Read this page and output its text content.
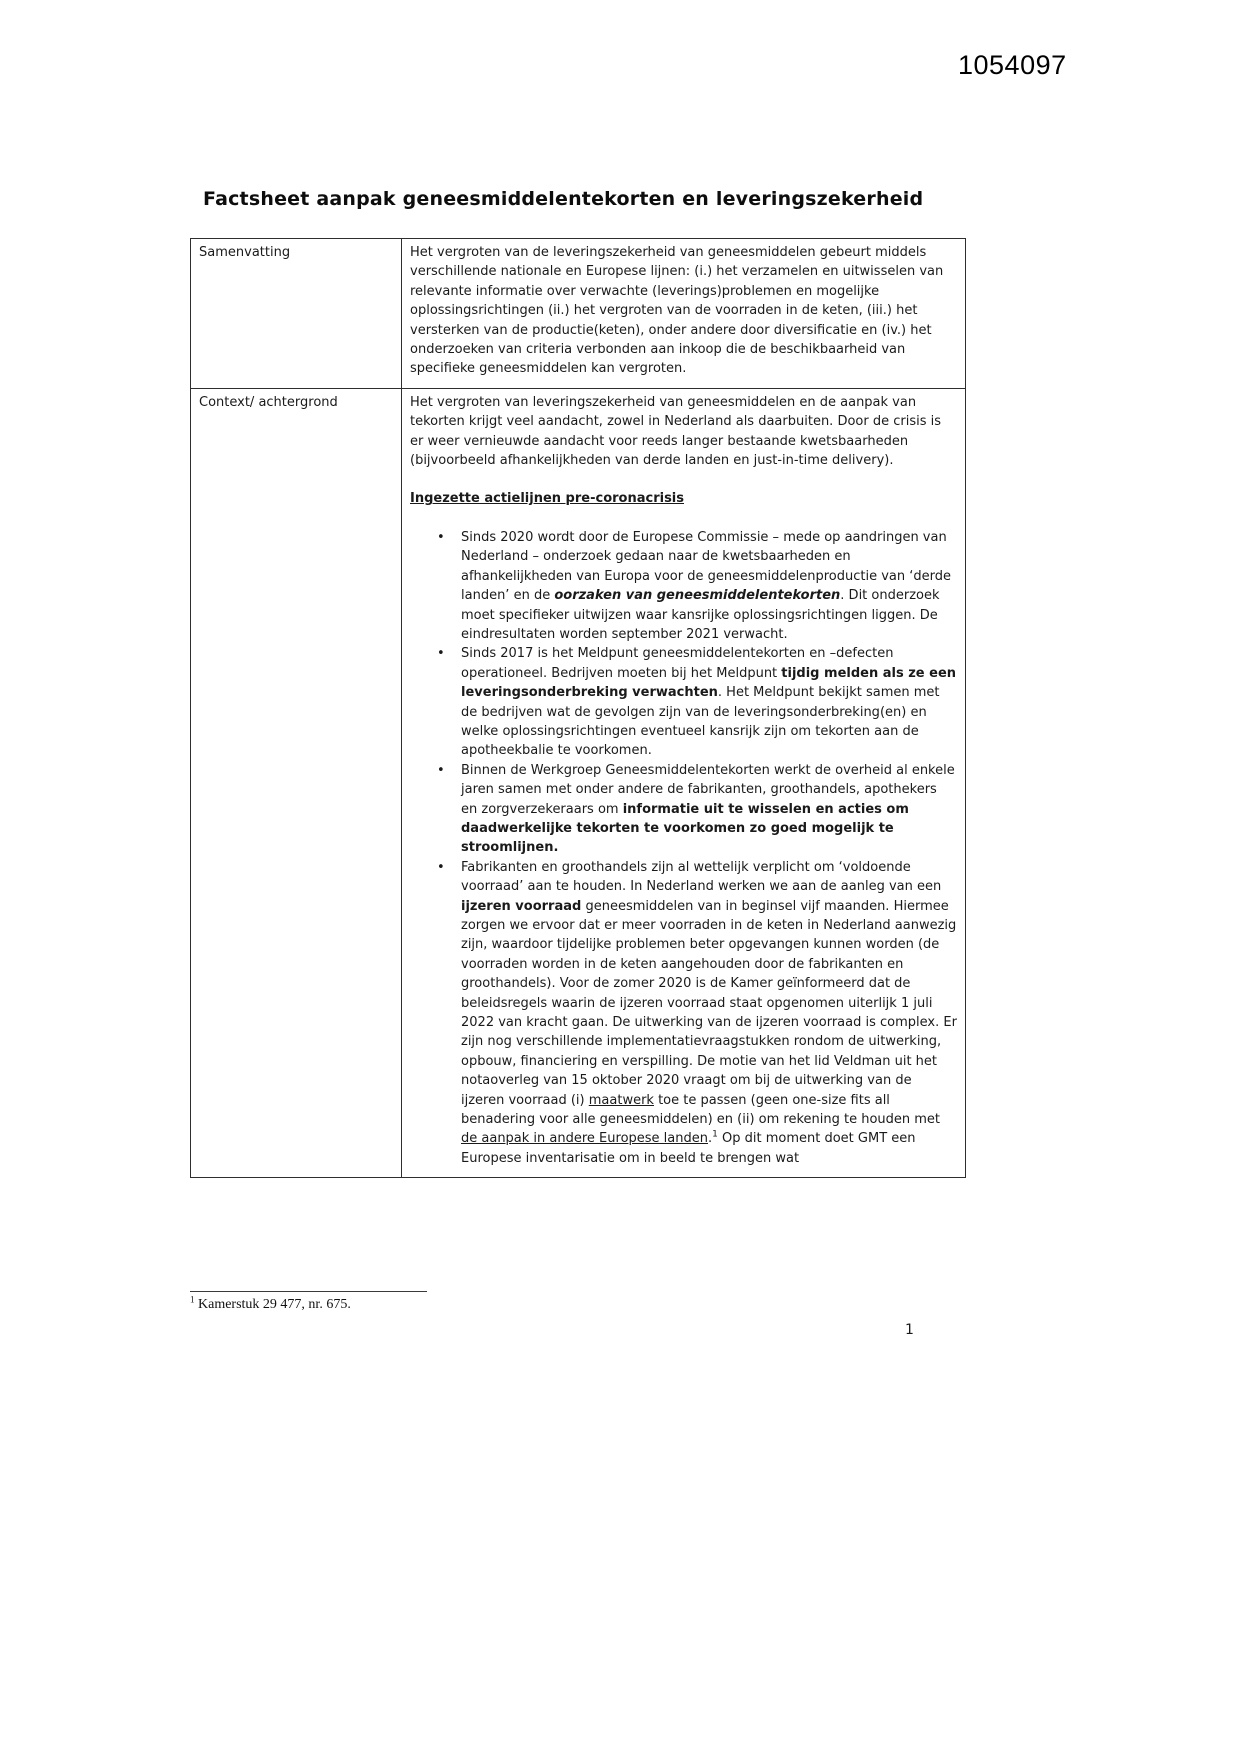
1054097
Factsheet aanpak geneesmiddelentekorten en leveringszekerheid
Samenvatting	Het vergroten van de leveringszekerheid van geneesmiddelen gebeurt middels verschillende nationale en Europese lijnen: (i.) het verzamelen en uitwisselen van relevante informatie over verwachte (leverings)problemen en mogelijke oplossingsrichtingen (ii.) het vergroten van de voorraden in de keten, (iii.) het versterken van de productie(keten), onder andere door diversificatie en (iv.) het onderzoeken van criteria verbonden aan inkoop die de beschikbaarheid van specifieke geneesmiddelen kan vergroten.

Context/ achtergrond	Het vergroten van leveringszekerheid van geneesmiddelen en de aanpak van tekorten krijgt veel aandacht, zowel in Nederland als daarbuiten. Door de crisis is er weer vernieuwde aandacht voor reeds langer bestaande kwetsbaarheden (bijvoorbeeld afhankelijkheden van derde landen en just-in-time delivery).

Ingezette actielijnen pre-coronacrisis

• Sinds 2020 wordt door de Europese Commissie – mede op aandringen van Nederland – onderzoek gedaan naar de kwetsbaarheden en afhankelijkheden van Europa voor de geneesmiddelenproductie van ‘derde landen’ en de oorzaken van geneesmiddelentekorten. Dit onderzoek moet specifieker uitwijzen waar kansrijke oplossingsrichtingen liggen. De eindresultaten worden september 2021 verwacht.
• Sinds 2017 is het Meldpunt geneesmiddelentekorten en –defecten operationeel. Bedrijven moeten bij het Meldpunt tijdig melden als ze een leveringsonderbreking verwachten. Het Meldpunt bekijkt samen met de bedrijven wat de gevolgen zijn van de leveringsonderbreking(en) en welke oplossingsrichtingen eventueel kansrijk zijn om tekorten aan de apotheekbalie te voorkomen.
• Binnen de Werkgroep Geneesmiddelentekorten werkt de overheid al enkele jaren samen met onder andere de fabrikanten, groothandels, apothekers en zorgverzekeraars om informatie uit te wisselen en acties om daadwerkelijke tekorten te voorkomen zo goed mogelijk te stroomlijnen.
• Fabrikanten en groothandels zijn al wettelijk verplicht om ‘voldoende voorraad’ aan te houden. In Nederland werken we aan de aanleg van een ijzeren voorraad geneesmiddelen van in beginsel vijf maanden. Hiermee zorgen we ervoor dat er meer voorraden in de keten in Nederland aanwezig zijn, waardoor tijdelijke problemen beter opgevangen kunnen worden (de voorraden worden in de keten aangehouden door de fabrikanten en groothandels). Voor de zomer 2020 is de Kamer geïnformeerd dat de beleidsregels waarin de ijzeren voorraad staat opgenomen uiterlijk 1 juli 2022 van kracht gaan. De uitwerking van de ijzeren voorraad is complex. Er zijn nog verschillende implementatievraagstukken rondom de uitwerking, opbouw, financiering en verspilling. De motie van het lid Veldman uit het notaoverleg van 15 oktober 2020 vraagt om bij de uitwerking van de ijzeren voorraad (i) maatwerk toe te passen (geen one-size fits all benadering voor alle geneesmiddelen) en (ii) om rekening te houden met de aanpak in andere Europese landen.$^1$ Op dit moment doet GMT een Europese inventarisatie om in beeld te brengen wat
$^1$ Kamerstuk 29 477, nr. 675.
1
